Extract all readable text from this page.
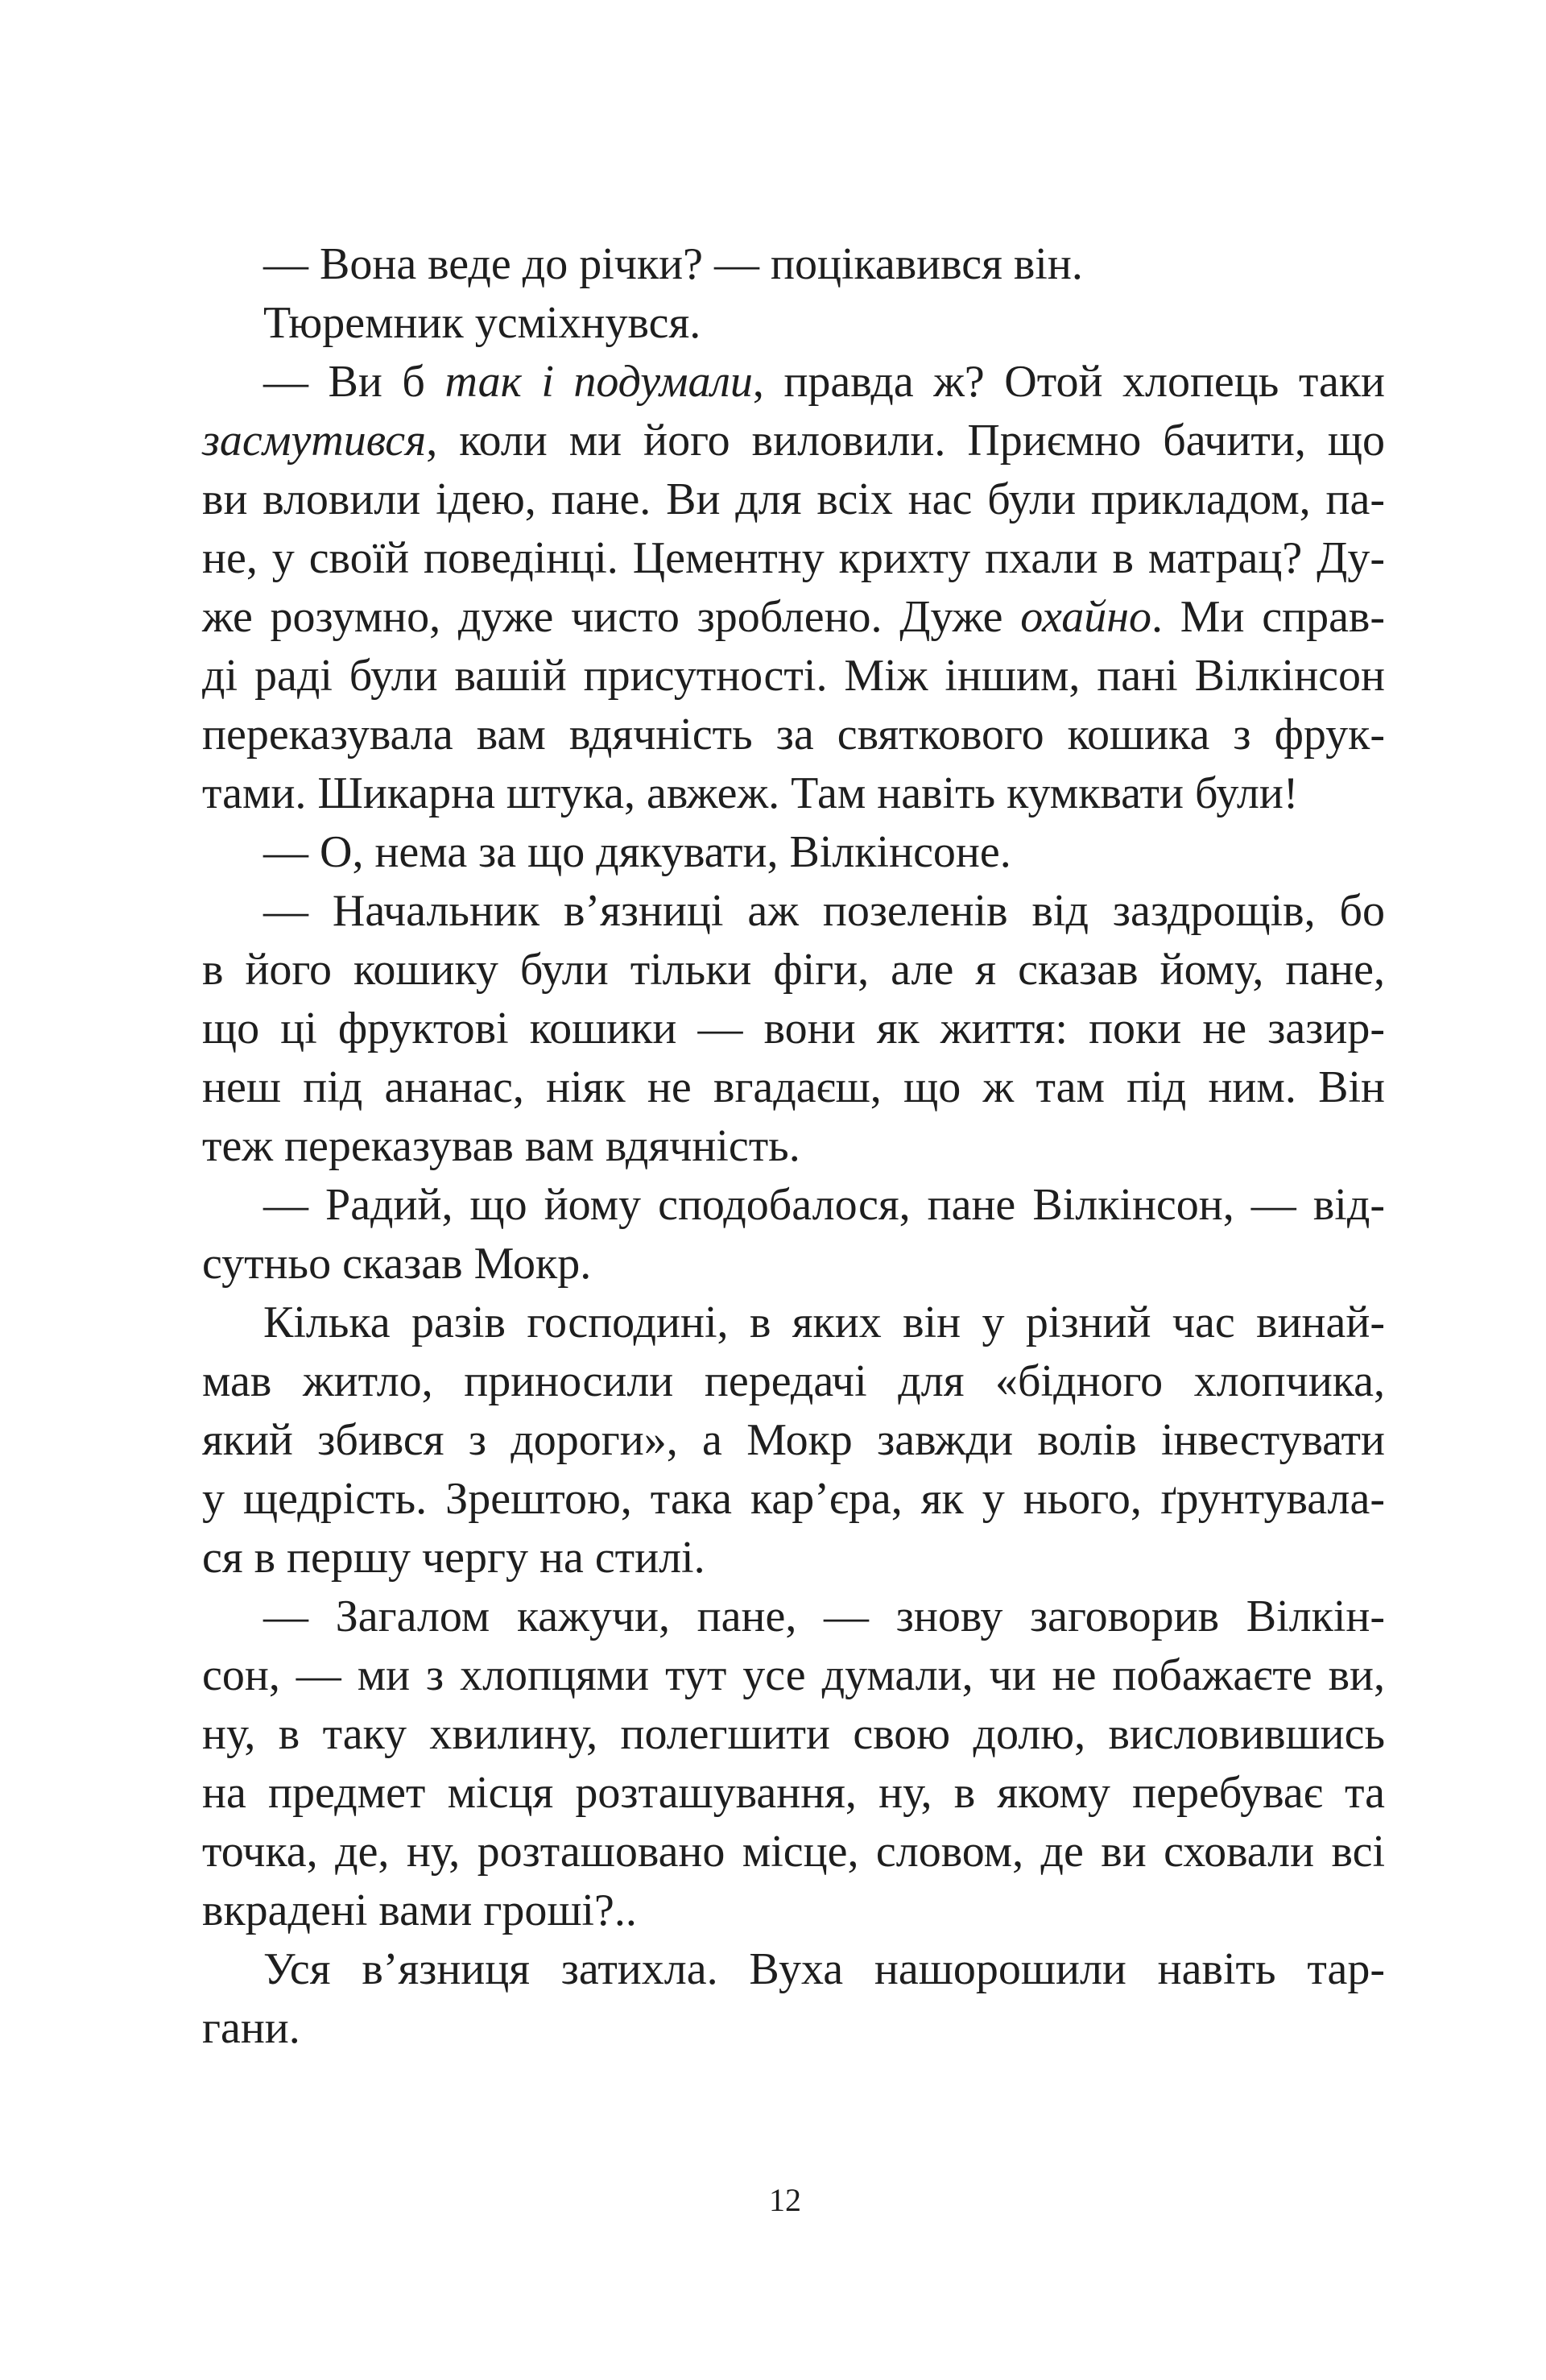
— Вона веде до річки? — поцікавився він.
Тюремник усміхнувся.
— Ви б так і подумали, правда ж? Отой хлопець таки
засмутився, коли ми його виловили. Приємно бачити, що
ви вловили ідею, пане. Ви для всіх нас були прикладом, па-
не, у своїй поведінці. Цементну крихту пхали в матрац? Ду-
же розумно, дуже чисто зроблено. Дуже охайно. Ми справ-
ді раді були вашій присутності. Між іншим, пані Вілкінсон
переказувала вам вдячність за святкового кошика з фрук-
тами. Шикарна штука, авжеж. Там навіть кумквати були!
— О, нема за що дякувати, Вілкінсоне.
— Начальник в’язниці аж позеленів від заздрощів, бо
в його кошику були тільки фіги, але я сказав йому, пане,
що ці фруктові кошики — вони як життя: поки не зазир-
неш під ананас, ніяк не вгадаєш, що ж там під ним. Він
теж переказував вам вдячність.
— Радий, що йому сподобалося, пане Вілкінсон, — від-
сутньо сказав Мокр.
Кілька разів господині, в яких він у різний час винай-
мав житло, приносили передачі для «бідного хлопчика,
який збився з дороги», а Мокр завжди волів інвестувати
у щедрість. Зрештою, така кар’єра, як у нього, ґрунтувала-
ся в першу чергу на стилі.
— Загалом кажучи, пане, — знову заговорив Вілкін-
сон, — ми з хлопцями тут усе думали, чи не побажаєте ви,
ну, в таку хвилину, полегшити свою долю, висловившись
на предмет місця розташування, ну, в якому перебуває та
точка, де, ну, розташовано місце, словом, де ви сховали всі
вкрадені вами гроші?..
Уся в’язниця затихла. Вуха нашорошили навіть тар-
гани.
12
